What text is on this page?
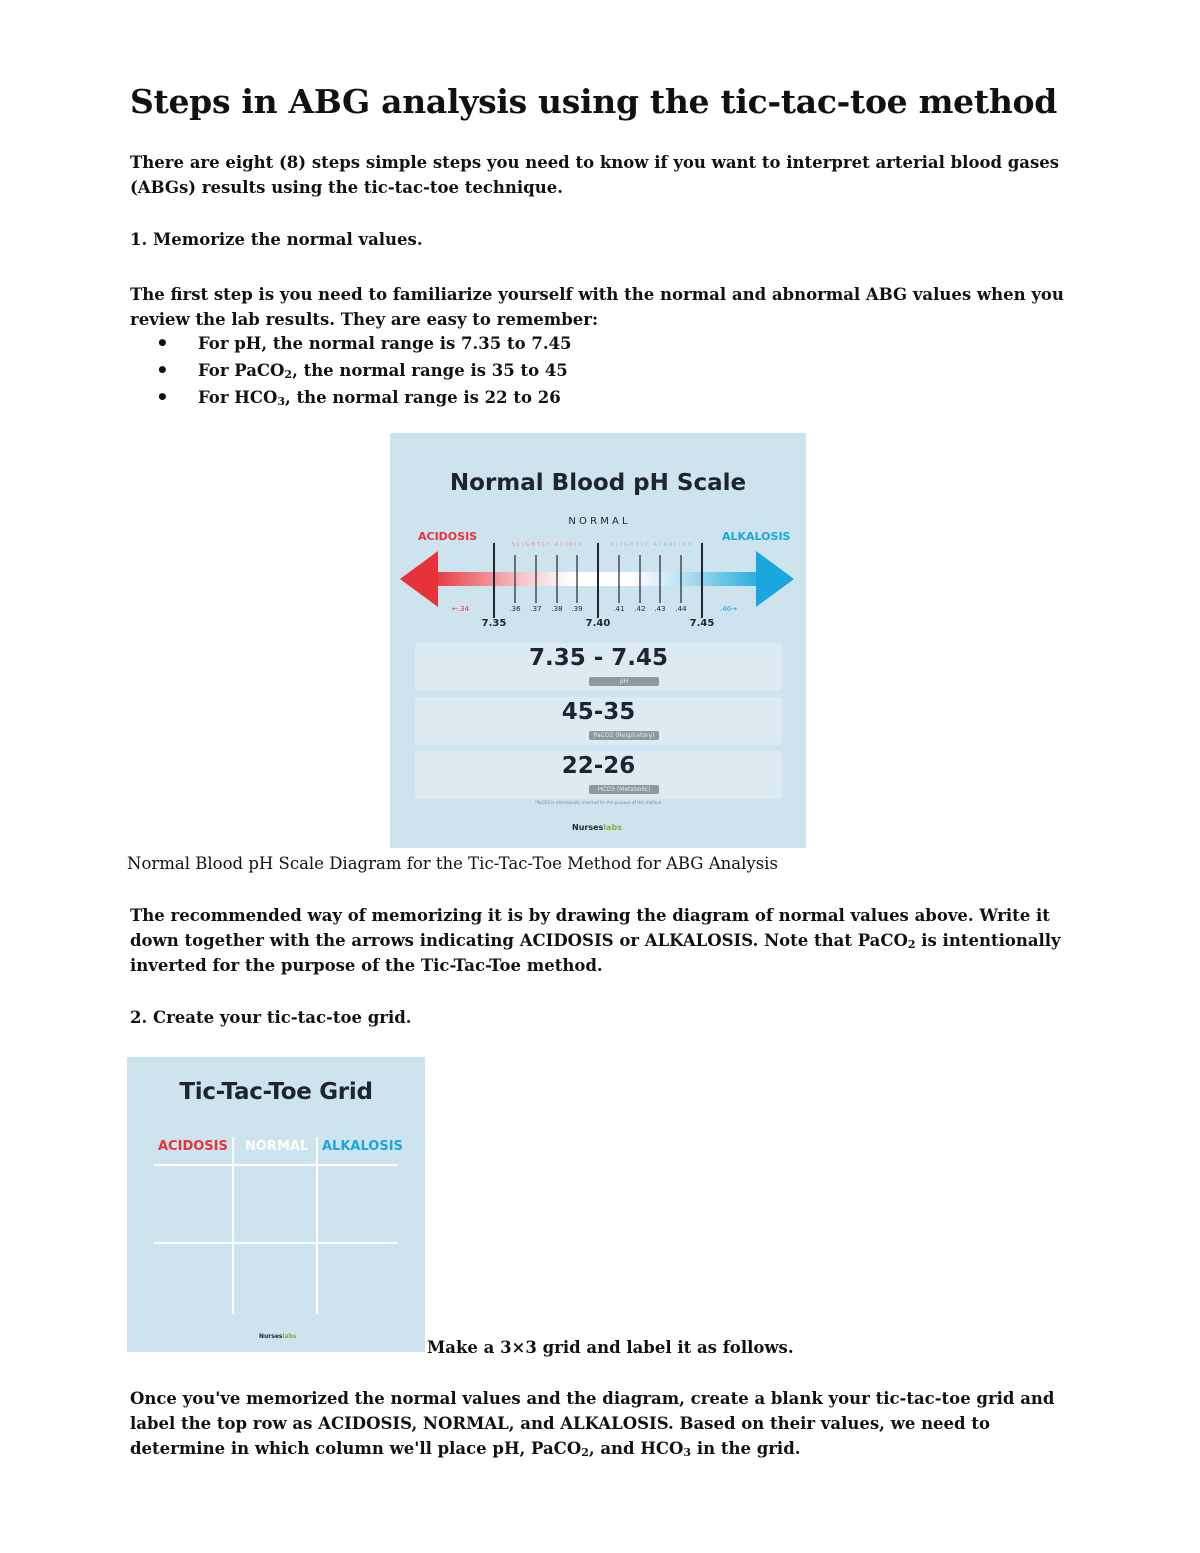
Steps in ABG analysis using the tic-tac-toe method

There are eight (8) steps simple steps you need to know if you want to interpret arterial blood gases

(ABGs) results using the tic-tac-toe technique.

1. Memorize the normal values.

The first step is you need to familiarize yourself with the normal and abnormal ABG values when you

review the lab results. They are easy to remember:

• For pH, the normal range is 7.35 to 7.45
• For PaCO$_2$, the normal range is 35 to 45
• For $HCO_3$, the normal range is 22 to 26
Normal Blood pH Scale
N O R M A L
ACIDOSIS	ALKALOSIS
SLIGHTLY ACIDIC	SLIGHTLY ALKALINE
.36 .37 .38 .39	.41 .42 .43 .44
←.34	.46→
7.35	7.40	7.45
7.35 - 7.45
pH
45-35
PaCO2 (Respiratory)
22-26
HCO3 (Metabolic)
*PaCO2 is intentionally inverted for the purpose of this method
Nurseslabs

Normal Blood pH Scale Diagram for the Tic-Tac-Toe Method for ABG Analysis

The recommended way of memorizing it is by drawing the diagram of normal values above. Write it

down together with the arrows indicating ACIDOSIS or ALKALOSIS. Note that PaCO$_2$ is intentionally

inverted for the purpose of the Tic-Tac-Toe method.

2. Create your tic-tac-toe grid.

Tic-Tac-Toe Grid
ACIDOSIS NORMAL ALKALOSIS
Nurseslabs

Make a 3×3 grid and label it as follows.

Once you've memorized the normal values and the diagram, create a blank your tic-tac-toe grid and

label the top row as ACIDOSIS, NORMAL, and ALKALOSIS. Based on their values, we need to

determine in which column we'll place pH, PaCO$_2$, and $HCO_3$ in the grid.
